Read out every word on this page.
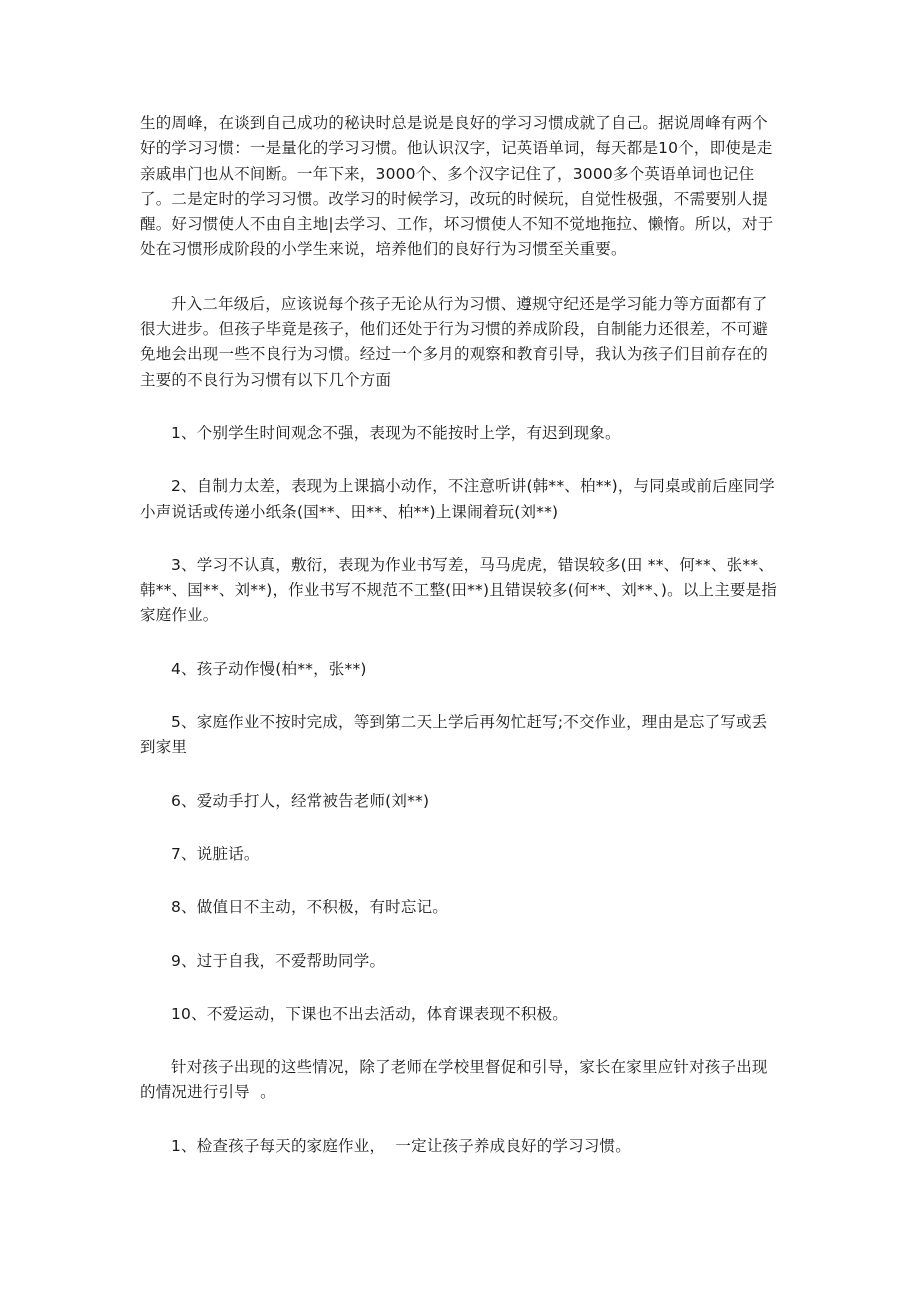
生的周峰，在谈到自己成功的秘诀时总是说是良好的学习习惯成就了自己。据说周峰有两个好的学习习惯：一是量化的学习习惯。他认识汉字，记英语单词，每天都是10个，即使是走亲戚串门也从不间断。一年下来，3000个、多个汉字记住了，3000多个英语单词也记住了。二是定时的学习习惯。改学习的时候学习，改玩的时候玩，自觉性极强，不需要别人提醒。好习惯使人不由自主地|去学习、工作，坏习惯使人不知不觉地拖拉、懒惰。所以，对于处在习惯形成阶段的小学生来说，培养他们的良好行为习惯至关重要。

升入二年级后，应该说每个孩子无论从行为习惯、遵规守纪还是学习能力等方面都有了很大进步。但孩子毕竟是孩子，他们还处于行为习惯的养成阶段，自制能力还很差，不可避免地会出现一些不良行为习惯。经过一个多月的观察和教育引导，我认为孩子们目前存在的主要的不良行为习惯有以下几个方面

1、个别学生时间观念不强，表现为不能按时上学，有迟到现象。

2、自制力太差，表现为上课搞小动作，不注意听讲(韩**、柏**)，与同桌或前后座同学小声说话或传递小纸条(国**、田**、柏**)上课闹着玩(刘**)

3、学习不认真，敷衍，表现为作业书写差，马马虎虎，错误较多(田 **、何**、张**、韩**、国**、刘**)，作业书写不规范不工整(田**)且错误较多(何**、刘**、)。以上主要是指家庭作业。

4、孩子动作慢(柏**，张**)

5、家庭作业不按时完成，等到第二天上学后再匆忙赶写;不交作业，理由是忘了写或丢到家里

6、爱动手打人，经常被告老师(刘**)

7、说脏话。

8、做值日不主动，不积极，有时忘记。

9、过于自我，不爱帮助同学。

10、不爱运动，下课也不出去活动，体育课表现不积极。

针对孩子出现的这些情况，除了老师在学校里督促和引导，家长在家里应针对孩子出现的情况进行引导  。

1、检查孩子每天的家庭作业，  一定让孩子养成良好的学习习惯。
